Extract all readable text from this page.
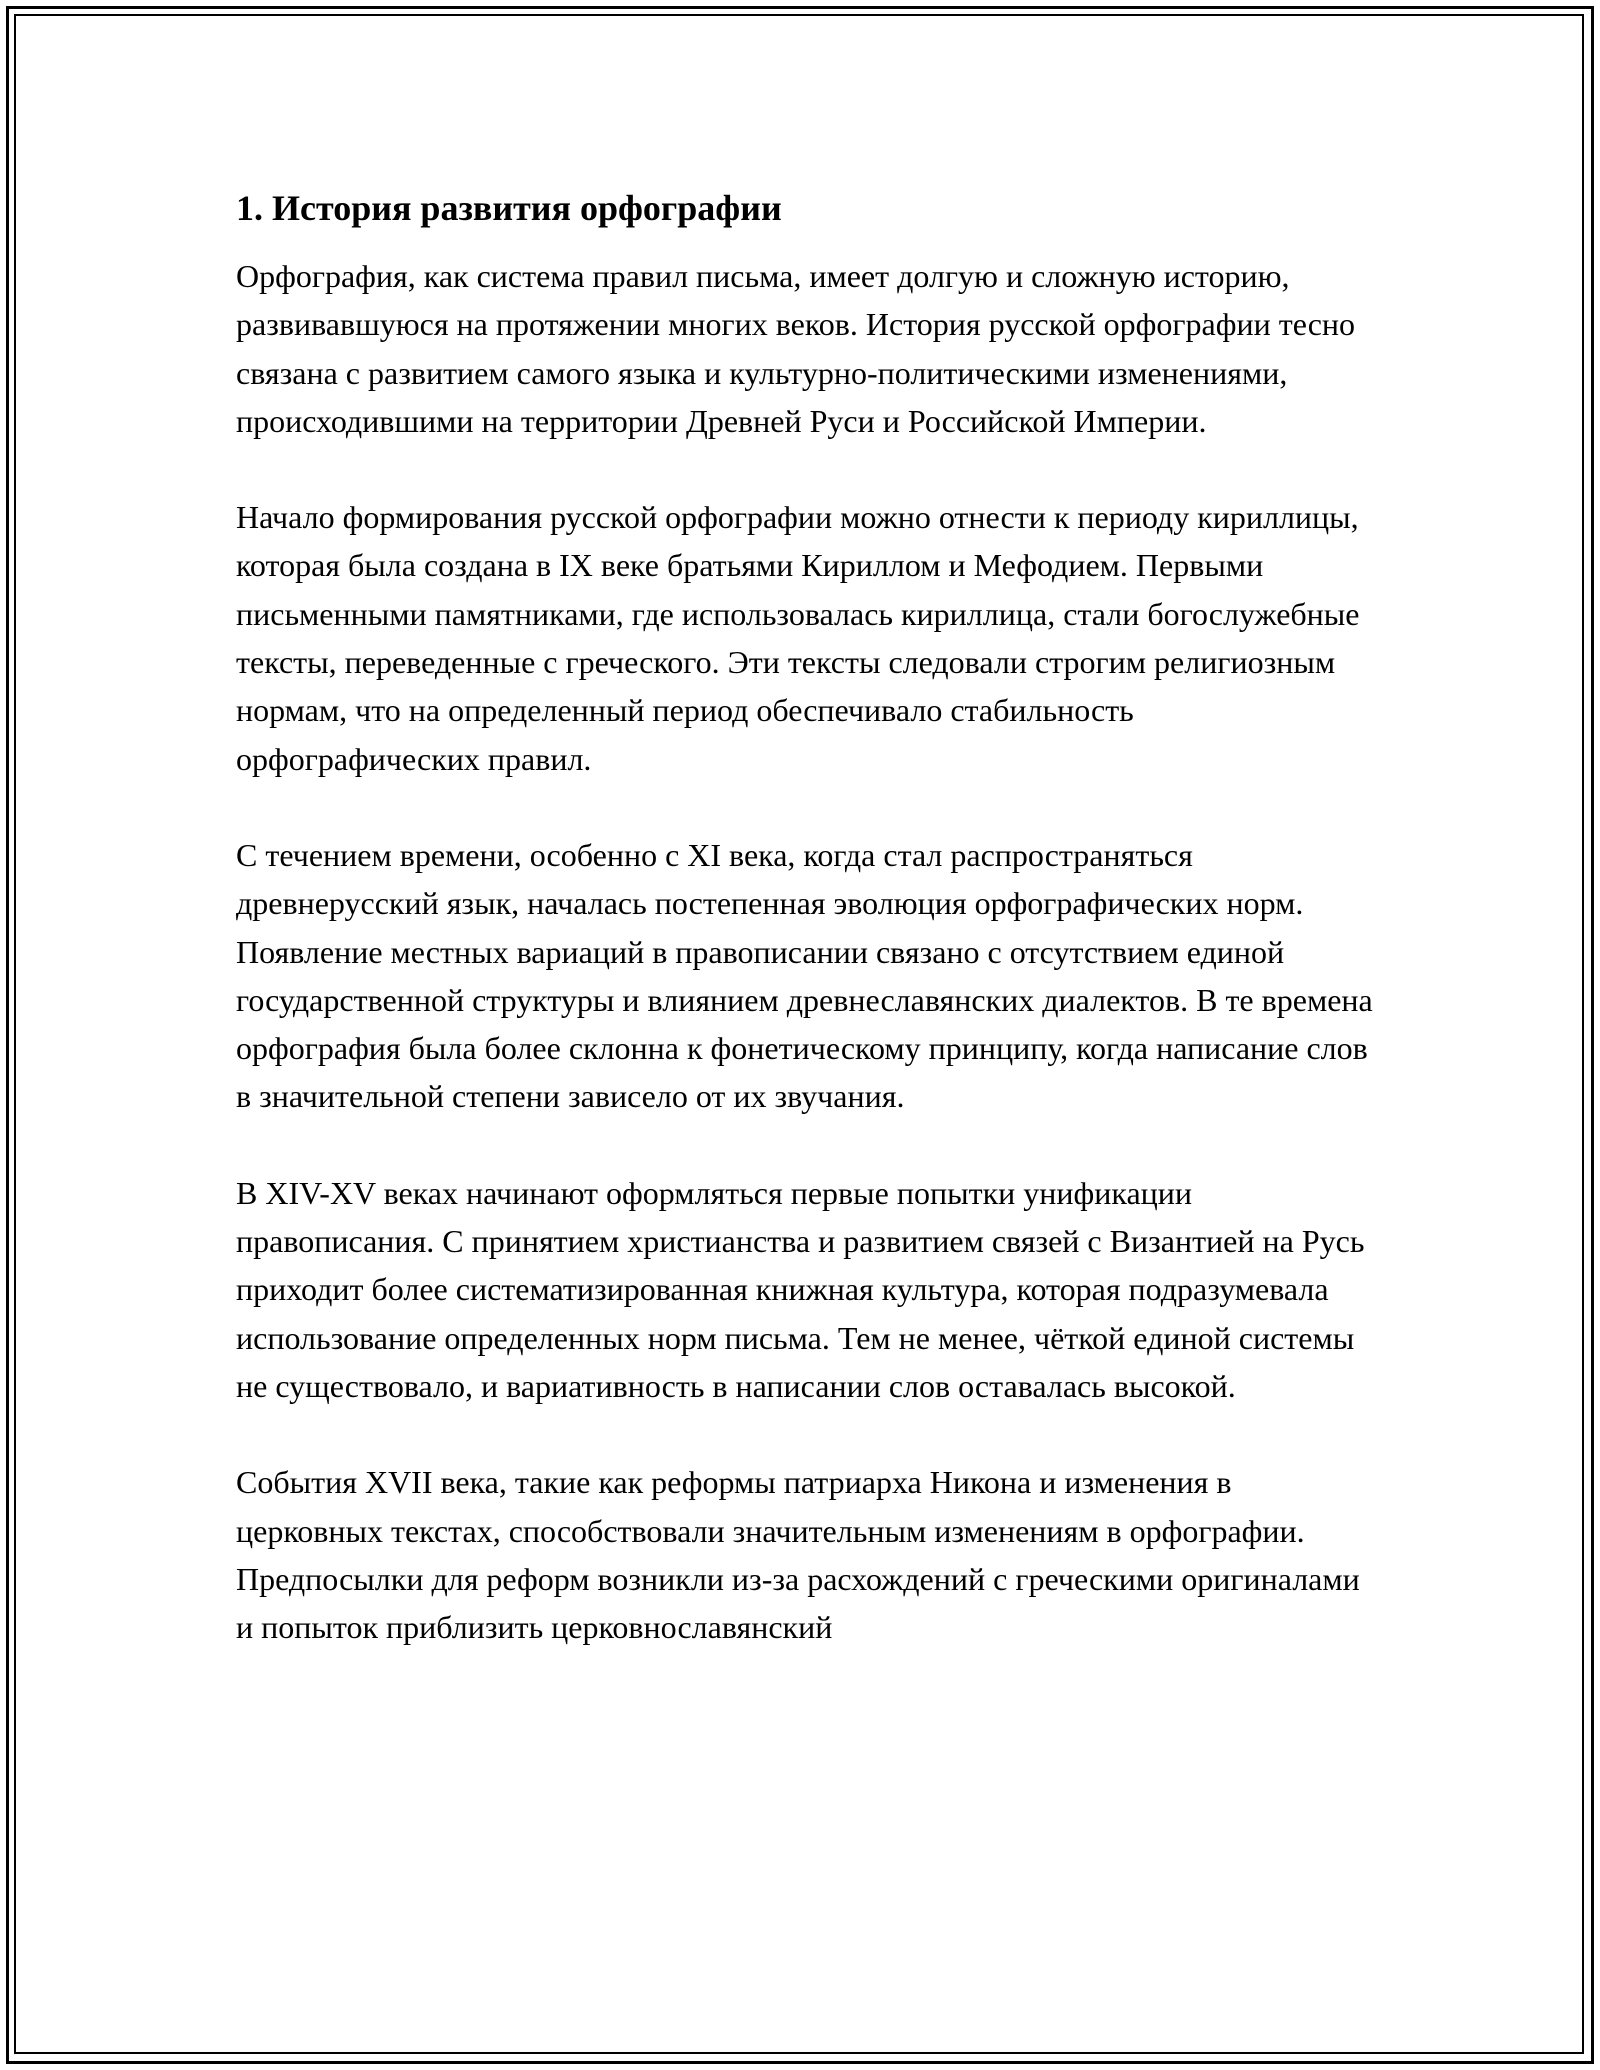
1. История развития орфографии

Орфография, как система правил письма, имеет долгую и сложную историю, развивавшуюся на протяжении многих веков. История русской орфографии тесно связана с развитием самого языка и культурно-политическими изменениями, происходившими на территории Древней Руси и Российской Империи.

Начало формирования русской орфографии можно отнести к периоду кириллицы, которая была создана в IX веке братьями Кириллом и Мефодием. Первыми письменными памятниками, где использовалась кириллица, стали богослужебные тексты, переведенные с греческого. Эти тексты следовали строгим религиозным нормам, что на определенный период обеспечивало стабильность орфографических правил.

С течением времени, особенно с XI века, когда стал распространяться древнерусский язык, началась постепенная эволюция орфографических норм. Появление местных вариаций в правописании связано с отсутствием единой государственной структуры и влиянием древнеславянских диалектов. В те времена орфография была более склонна к фонетическому принципу, когда написание слов в значительной степени зависело от их звучания.

В XIV-XV веках начинают оформляться первые попытки унификации правописания. С принятием христианства и развитием связей с Византией на Русь приходит более систематизированная книжная культура, которая подразумевала использование определенных норм письма. Тем не менее, чёткой единой системы не существовало, и вариативность в написании слов оставалась высокой.

События XVII века, такие как реформы патриарха Никона и изменения в церковных текстах, способствовали значительным изменениям в орфографии. Предпосылки для реформ возникли из-за расхождений с греческими оригиналами и попыток приблизить церковнославянский
